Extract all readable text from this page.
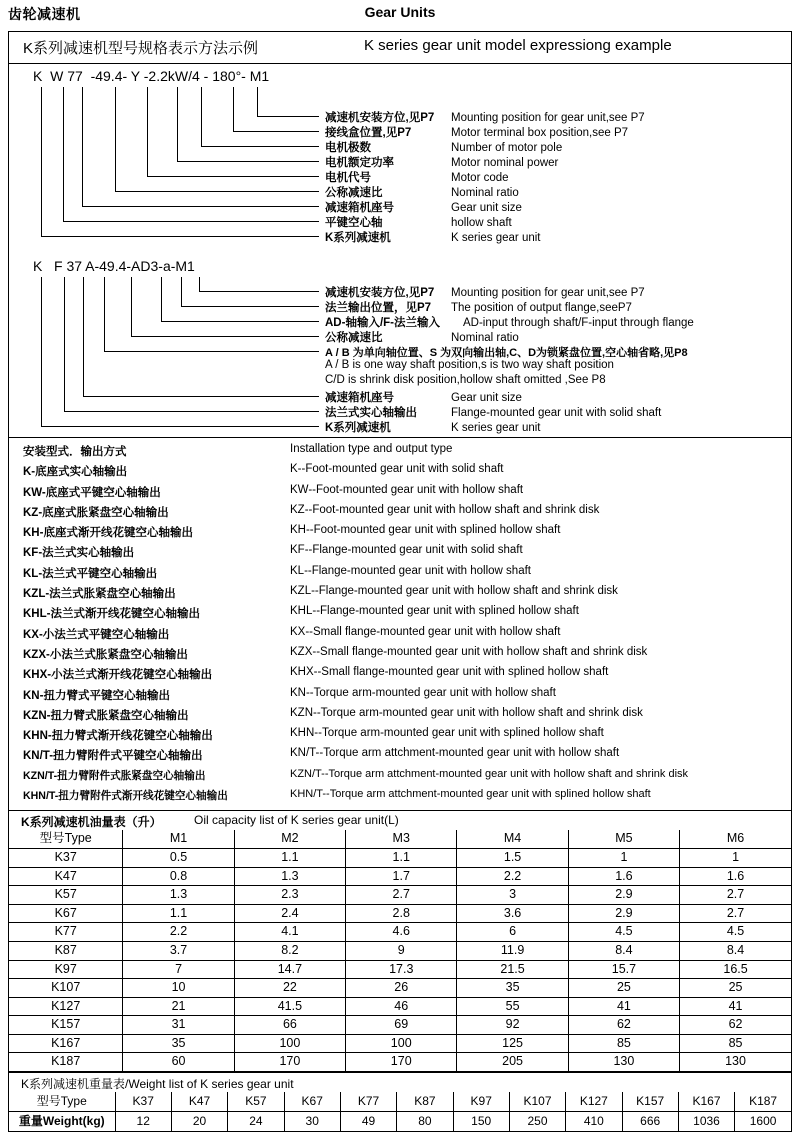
齿轮减速机	Gear Units
K系列减速机型号规格表示方法示例	K series gear unit model expressiong example
K  W 77  -49.4- Y -2.2kW/4 - 180°- M1
减速机安装方位,见P7 Mounting position for gear unit,see P7
接线盒位置,见P7	Motor terminal box position,see P7
电机极数	Number of motor pole
电机额定功率	Motor nominal power
电机代号	Motor code
公称减速比	Nominal ratio
减速箱机座号	Gear unit size
平键空心轴	hollow shaft
K系列减速机	K series gear unit
K   F 37 A-49.4-AD3-a-M1
减速机安装方位,见P7 Mounting position for gear unit,see P7
法兰输出位置，见P7 The position of output flange,seeP7
AD-轴输入/F-法兰输入 AD-input through shaft/F-input through flange
公称减速比	Nominal ratio
A / B 为单向轴位置、S 为双向输出轴,C、D为锁紧盘位置,空心轴省略,见P8
A / B is one way shaft position,s is two way shaft position
C/D is shrink disk position,hollow shaft omitted ,See P8
减速箱机座号	Gear unit size
法兰式实心轴输出	Flange-mounted gear unit with solid shaft
K系列减速机	K series gear unit
安装型式．输出方式	Installation type and output type
K-底座式实心轴输出	K--Foot-mounted gear unit with solid shaft
KW-底座式平键空心轴输出	KW--Foot-mounted gear unit with hollow shaft
KZ-底座式胀紧盘空心轴输出	KZ--Foot-mounted gear unit with hollow shaft and shrink disk
KH-底座式渐开线花键空心轴输出	KH--Foot-mounted gear unit with splined hollow shaft
KF-法兰式实心轴输出	KF--Flange-mounted gear unit with solid shaft
KL-法兰式平键空心轴输出	KL--Flange-mounted gear unit with hollow shaft
KZL-法兰式胀紧盘空心轴输出	KZL--Flange-mounted gear unit with hollow shaft and shrink disk
KHL-法兰式渐开线花键空心轴输出	KHL--Flange-mounted gear unit with splined hollow shaft
KX-小法兰式平键空心轴输出	KX--Small flange-mounted gear unit with hollow shaft
KZX-小法兰式胀紧盘空心轴输出	KZX--Small flange-mounted gear unit with hollow shaft and shrink disk
KHX-小法兰式渐开线花键空心轴输出	KHX--Small flange-mounted gear unit with splined hollow shaft
KN-扭力臂式平键空心轴输出	KN--Torque arm-mounted gear unit with hollow shaft
KZN-扭力臂式胀紧盘空心轴输出	KZN--Torque arm-mounted gear unit with hollow shaft and shrink disk
KHN-扭力臂式渐开线花键空心轴输出	KHN--Torque arm-mounted gear unit with splined hollow shaft
KN/T-扭力臂附件式平键空心轴输出	KN/T--Torque arm attchment-mounted gear unit with hollow shaft
KZN/T-扭力臂附件式胀紧盘空心轴输出	KZN/T--Torque arm attchment-mounted gear unit with hollow shaft and shrink disk
KHN/T-扭力臂附件式渐开线花键空心轴输出	KHN/T--Torque arm attchment-mounted gear unit with splined hollow shaft
K系列减速机油量表（升）	Oil capacity list of K series gear unit(L)
型号Type	M1	M2	M3	M4	M5	M6
K37	0.5	1.1	1.1	1.5	1	1
K47	0.8	1.3	1.7	2.2	1.6	1.6
K57	1.3	2.3	2.7	3	2.9	2.7
K67	1.1	2.4	2.8	3.6	2.9	2.7
K77	2.2	4.1	4.6	6	4.5	4.5
K87	3.7	8.2	9	11.9	8.4	8.4
K97	7	14.7	17.3	21.5	15.7	16.5
K107	10	22	26	35	25	25
K127	21	41.5	46	55	41	41
K157	31	66	69	92	62	62
K167	35	100	100	125	85	85
K187	60	170	170	205	130	130
K系列减速机重量表/Weight list of K series gear unit
型号Type	K37	K47	K57	K67	K77	K87	K97	K107	K127	K157	K167	K187
重量Weight(kg)	12	20	24	30	49	80	150	250	410	666	1036	1600
